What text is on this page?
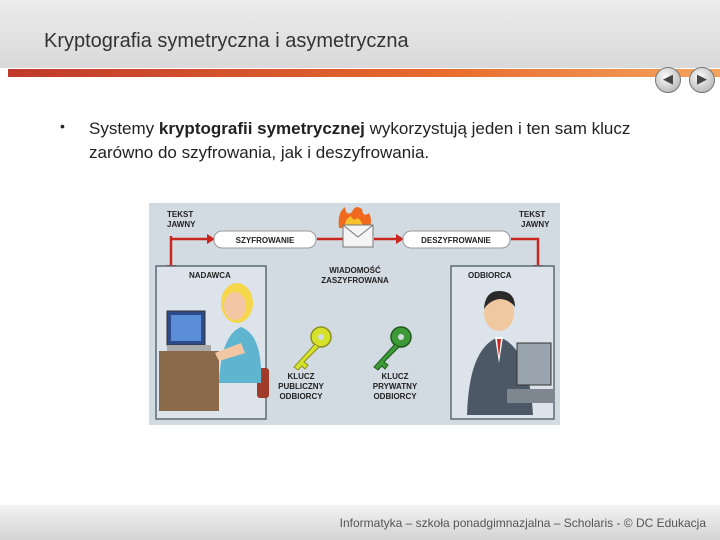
Kryptografia symetryczna i asymetryczna
◀	▶
• Systemy kryptografii symetrycznej wykorzystują jeden i ten sam klucz zarówno do szyfrowania, jak i deszyfrowania.
SZYFROWANIE	DESZYFROWANIE
TEKST
JAWNY
TEKST
JAWNY
WIADOMOŚĆ
ZASZYFROWANA
NADAWCA	ODBIORCA
KLUCZ
PUBLICZNY
ODBIORCY
KLUCZ
PRYWATNY
ODBIORCY
Informatyka – szkoła ponadgimnazjalna – Scholaris - © DC Edukacja
